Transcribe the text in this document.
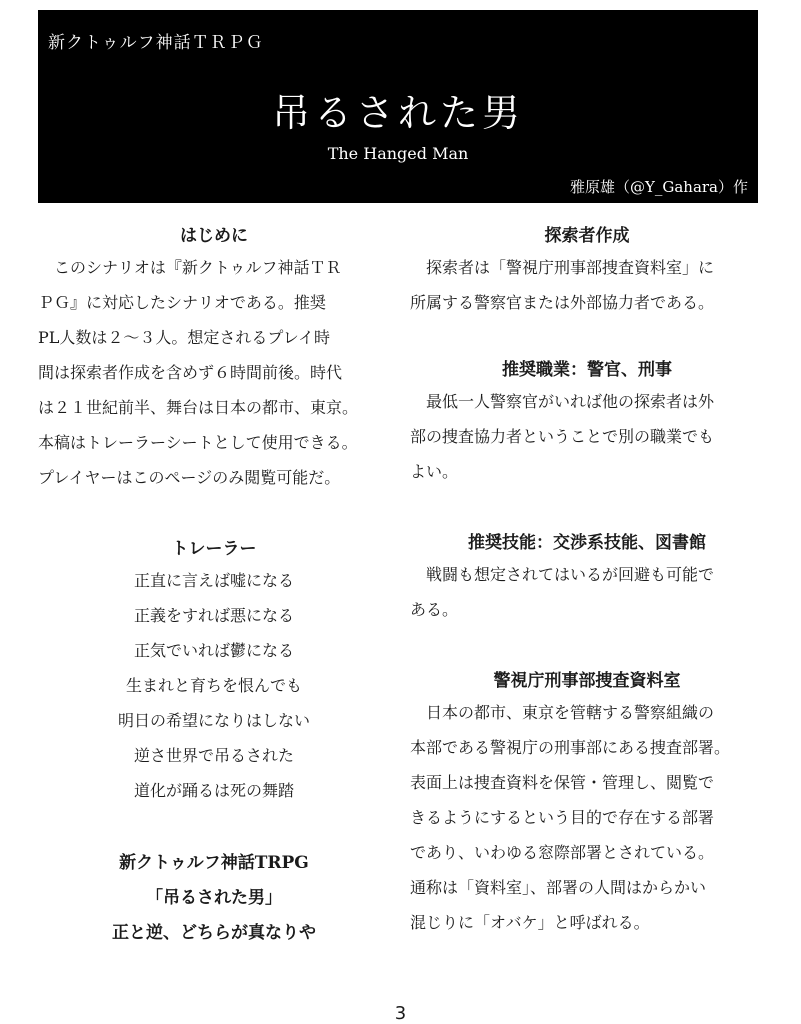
新クトゥルフ神話ＴＲＰＧ
吊るされた男
The Hanged Man
雅原雄（@Y_Gahara）作
はじめに
このシナリオは『新クトゥルフ神話ＴＲ
ＰＧ』に対応したシナリオである。推奨
PL人数は２〜３人。想定されるプレイ時
間は探索者作成を含めず６時間前後。時代
は２１世紀前半、舞台は日本の都市、東京。
本稿はトレーラーシートとして使用できる。
プレイヤーはこのページのみ閲覧可能だ。
トレーラー
正直に言えば嘘になる
正義をすれば悪になる
正気でいれば鬱になる
生まれと育ちを恨んでも
明日の希望になりはしない
逆さ世界で吊るされた
道化が踊るは死の舞踏
新クトゥルフ神話TRPG
「吊るされた男」
正と逆、どちらが真なりや
探索者作成
探索者は「警視庁刑事部捜査資料室」に
所属する警察官または外部協力者である。
推奨職業：警官、刑事
最低一人警察官がいれば他の探索者は外
部の捜査協力者ということで別の職業でも
よい。
推奨技能：交渉系技能、図書館
戦闘も想定されてはいるが回避も可能で
ある。
警視庁刑事部捜査資料室
日本の都市、東京を管轄する警察組織の
本部である警視庁の刑事部にある捜査部署。
表面上は捜査資料を保管・管理し、閲覧で
きるようにするという目的で存在する部署
であり、いわゆる窓際部署とされている。
通称は「資料室」、部署の人間はからかい
混じりに「オバケ」と呼ばれる。
3
